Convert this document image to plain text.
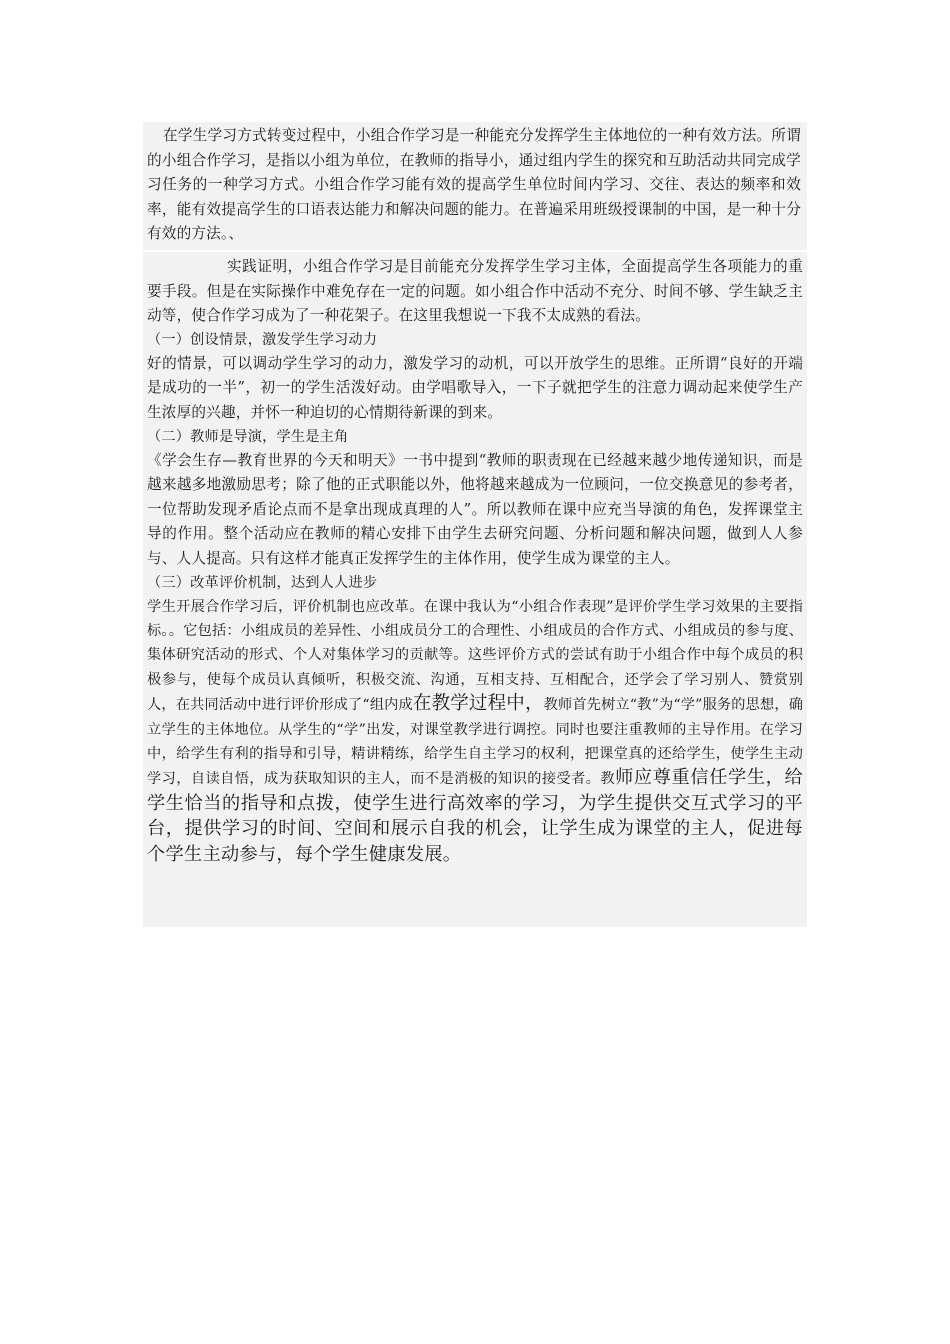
在学生学习方式转变过程中，小组合作学习是一种能充分发挥学生主体地位的一种有效方法。所谓的小组合作学习，是指以小组为单位，在教师的指导小，通过组内学生的探究和互助活动共同完成学习任务的一种学习方式。小组合作学习能有效的提高学生单位时间内学习、交往、表达的频率和效率，能有效提高学生的口语表达能力和解决问题的能力。在普遍采用班级授课制的中国，是一种十分有效的方法。、

实践证明，小组合作学习是目前能充分发挥学生学习主体，全面提高学生各项能力的重要手段。但是在实际操作中难免存在一定的问题。如小组合作中活动不充分、时间不够、学生缺乏主动等，使合作学习成为了一种花架子。在这里我想说一下我不太成熟的看法。

（一）创设情景，激发学生学习动力

好的情景，可以调动学生学习的动力，激发学习的动机，可以开放学生的思维。正所谓“良好的开端是成功的一半”，初一的学生活泼好动。由学唱歌导入，一下子就把学生的注意力调动起来使学生产生浓厚的兴趣，并怀一种迫切的心情期待新课的到来。

（二）教师是导演，学生是主角

《学会生存—教育世界的今天和明天》一书中提到“教师的职责现在已经越来越少地传递知识，而是越来越多地激励思考；除了他的正式职能以外，他将越来越成为一位顾问，一位交换意见的参考者，一位帮助发现矛盾论点而不是拿出现成真理的人”。所以教师在课中应充当导演的角色，发挥课堂主导的作用。整个活动应在教师的精心安排下由学生去研究问题、分析问题和解决问题，做到人人参与、人人提高。只有这样才能真正发挥学生的主体作用，使学生成为课堂的主人。

（三）改革评价机制，达到人人进步

学生开展合作学习后，评价机制也应改革。在课中我认为“小组合作表现”是评价学生学习效果的主要指标。。它包括：小组成员的差异性、小组成员分工的合理性、小组成员的合作方式、小组成员的参与度、集体研究活动的形式、个人对集体学习的贡献等。这些评价方式的尝试有助于小组合作中每个成员的积极参与，使每个成员认真倾听，积极交流、沟通，互相支持、互相配合，还学会了学习别人、赞赏别人，在共同活动中进行评价形成了“组内成在教学过程中，教师首先树立“教”为“学”服务的思想，确立学生的主体地位。从学生的“学”出发，对课堂教学进行调控。同时也要注重教师的主导作用。在学习中，给学生有利的指导和引导，精讲精练，给学生自主学习的权利，把课堂真的还给学生，使学生主动学习，自读自悟，成为获取知识的主人，而不是消极的知识的接受者。教师应尊重信任学生，给学生恰当的指导和点拨，使学生进行高效率的学习，为学生提供交互式学习的平台，提供学习的时间、空间和展示自我的机会，让学生成为课堂的主人，促进每个学生主动参与，每个学生健康发展。
